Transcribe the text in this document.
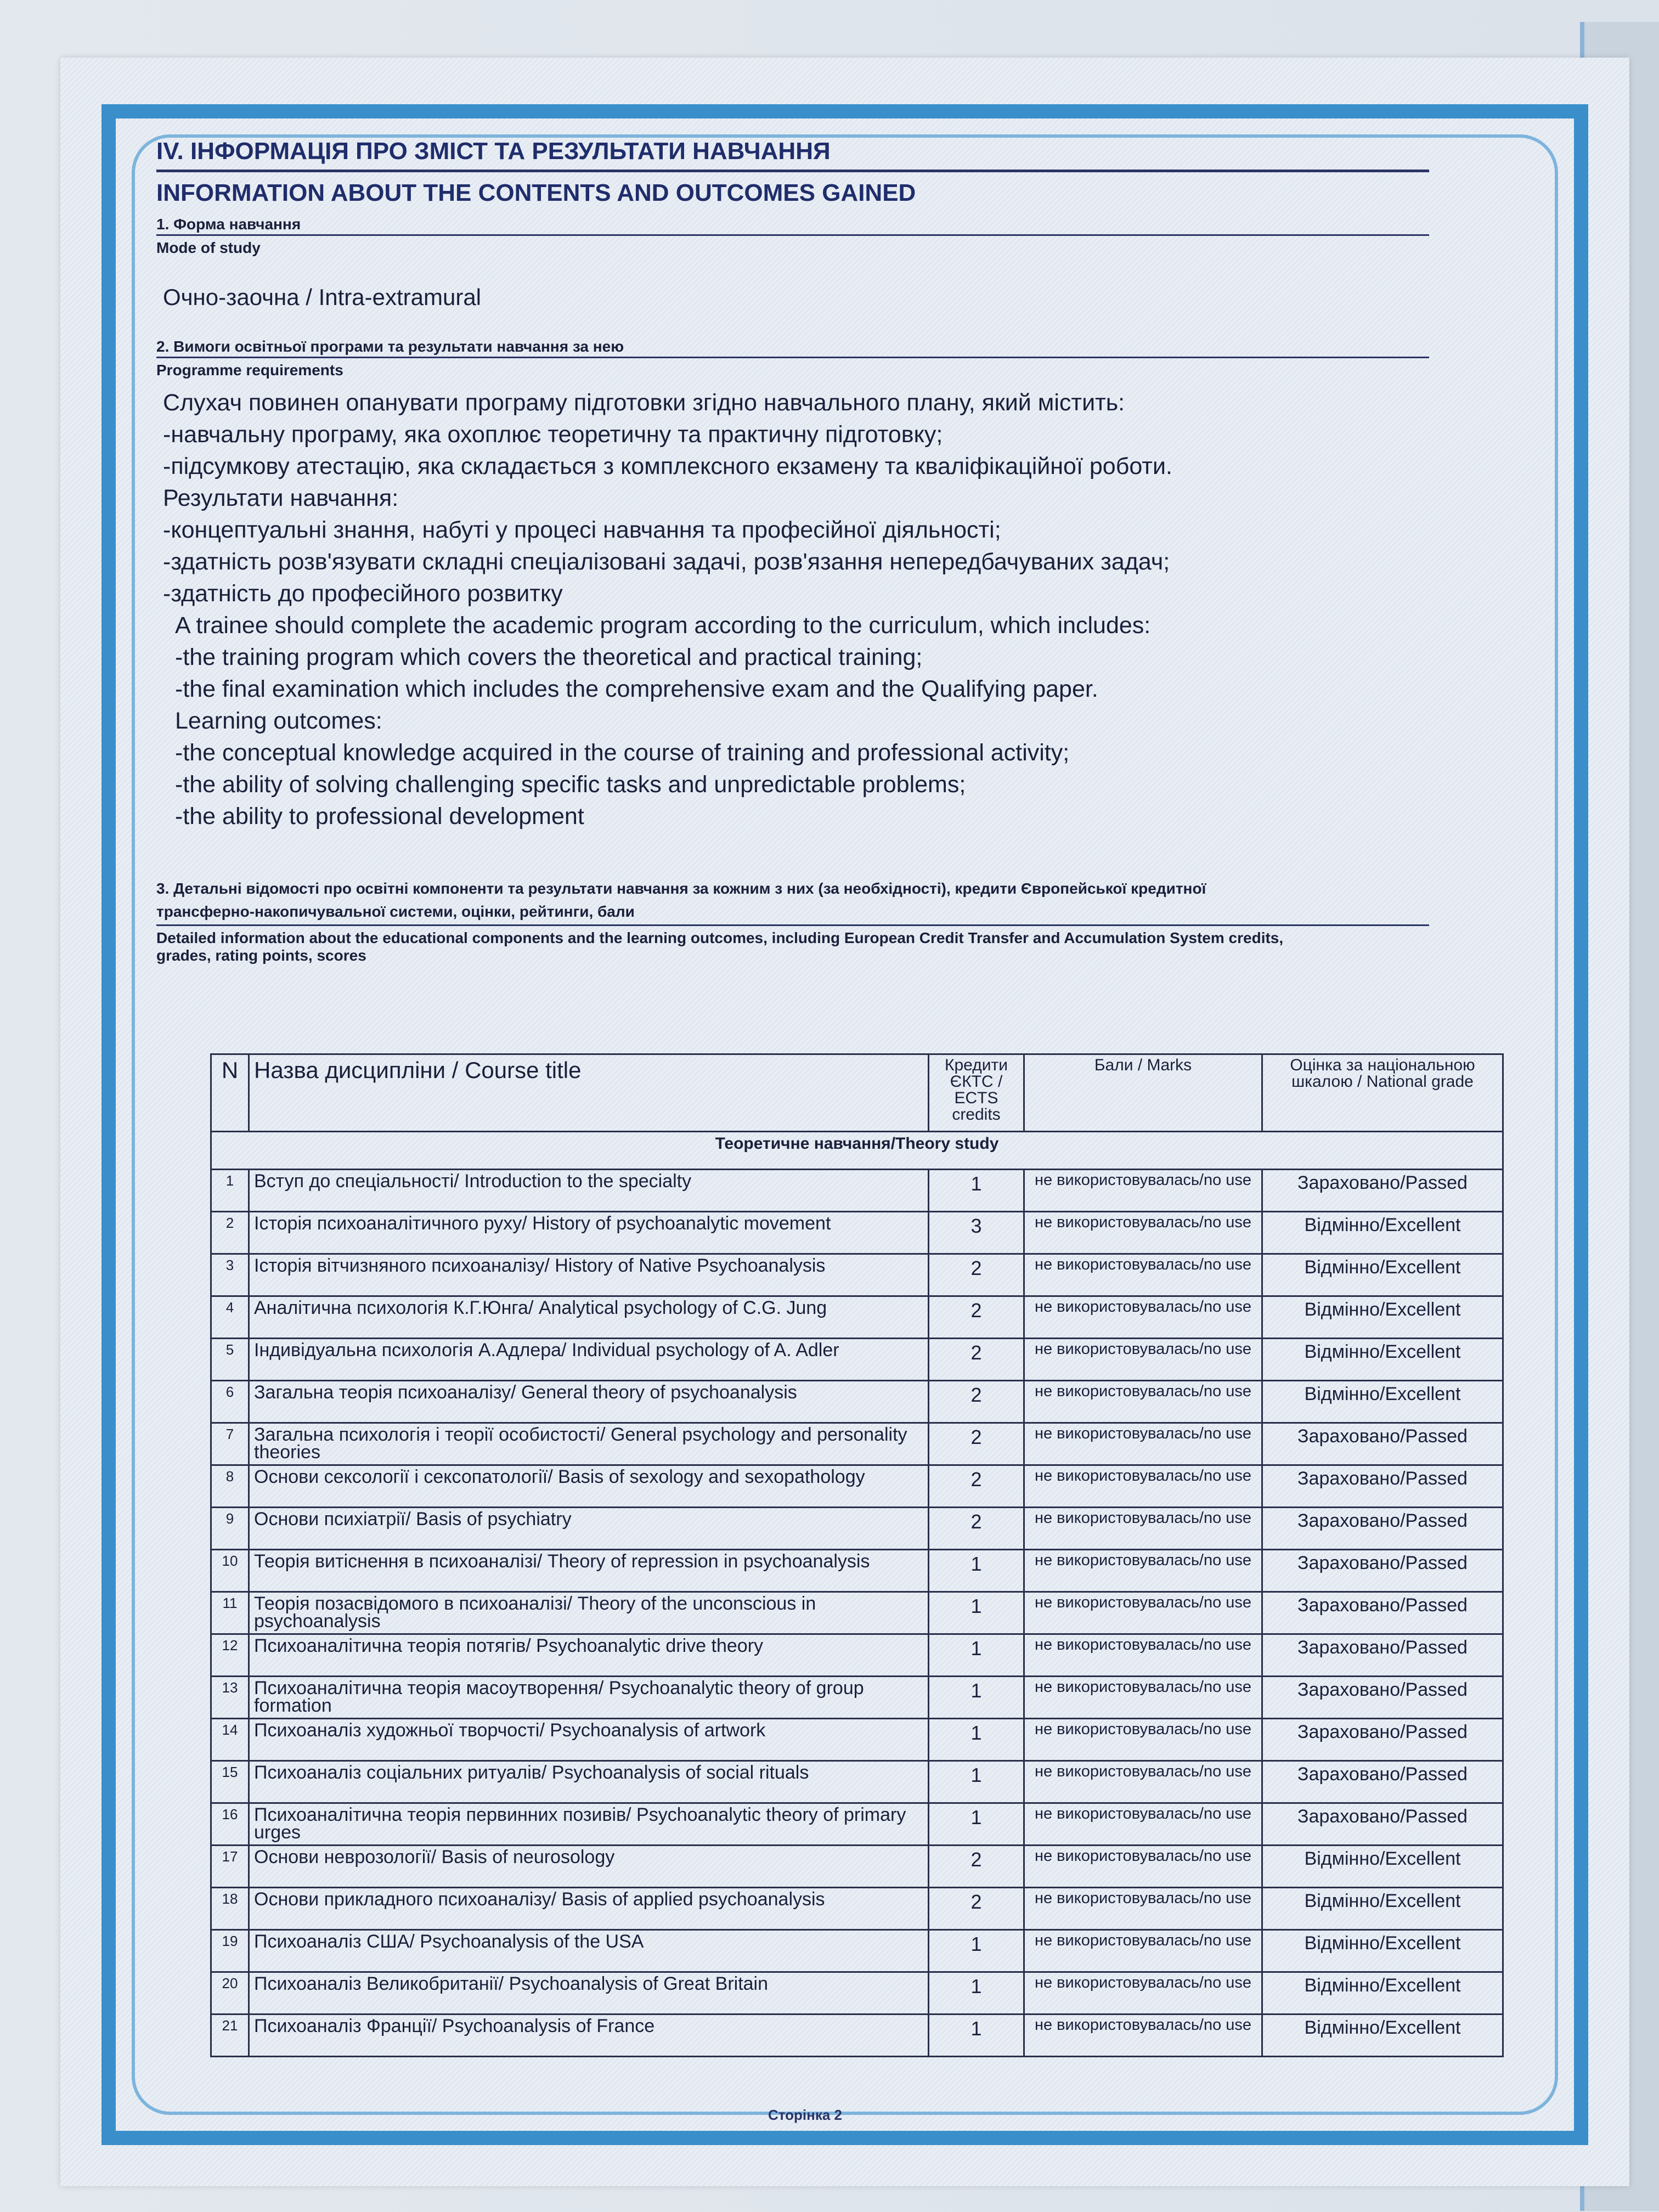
IV. ІНФОРМАЦІЯ ПРО ЗМІСТ ТА РЕЗУЛЬТАТИ НАВЧАННЯ
INFORMATION ABOUT THE CONTENTS AND OUTCOMES GAINED
1. Форма навчання
Mode of study
Очно-заочна / Intra-extramural
2. Вимоги освітньої програми та результати навчання за нею
Programme requirements
Слухач повинен опанувати програму підготовки згідно навчального плану, який містить:
-навчальну програму, яка охоплює теоретичну та практичну підготовку;
-підсумкову атестацію, яка складається з комплексного екзамену та кваліфікаційної роботи.
Результати навчання:
-концептуальні знання, набуті у процесі навчання та професійної діяльності;
-здатність розв'язувати складні спеціалізовані задачі, розв'язання непередбачуваних задач;
-здатність до професійного розвитку
A trainee should complete the academic program according to the curriculum, which includes:
-the training program which covers the theoretical and practical training;
-the final examination which includes the comprehensive exam and the Qualifying paper.
Learning outcomes:
-the conceptual knowledge acquired in the course of training and professional activity;
-the ability of solving challenging specific tasks and unpredictable problems;
-the ability to professional development
3. Детальні відомості про освітні компоненти та результати навчання за кожним з них (за необхідності), кредити Європейської кредитної
трансферно-накопичувальної системи, оцінки, рейтинги, бали
Detailed information about the educational components and the learning outcomes, including European Credit Transfer and Accumulation System credits,
grades, rating points, scores
N	Назва дисципліни / Course title	Кредити ЄКТС / ECTS credits	Бали / Marks	Оцінка за національною шкалою / National grade
Теоретичне навчання/Theory study				
1	Вступ до спеціальності/ Introduction to the specialty	1	не використовувалась/no use	Зараховано/Passed
2	Історія психоаналітичного руху/ History of psychoanalytic movement	3	не використовувалась/no use	Відмінно/Excellent
3	Історія вітчизняного психоаналізу/ History of Native Psychoanalysis	2	не використовувалась/no use	Відмінно/Excellent
4	Аналітична психологія К.Г.Юнга/ Analytical psychology of C.G. Jung	2	не використовувалась/no use	Відмінно/Excellent
5	Індивідуальна психологія А.Адлера/ Individual psychology of A. Adler	2	не використовувалась/no use	Відмінно/Excellent
6	Загальна теорія психоаналізу/ General theory of psychoanalysis	2	не використовувалась/no use	Відмінно/Excellent
7	Загальна психологія і теорії особистості/ General psychology and personality theories	2	не використовувалась/no use	Зараховано/Passed
8	Основи сексології і сексопатології/ Basis of sexology and sexopathology	2	не використовувалась/no use	Зараховано/Passed
9	Основи психіатрії/ Basis of psychiatry	2	не використовувалась/no use	Зараховано/Passed
10	Теорія витіснення в психоаналізі/ Theory of repression in psychoanalysis	1	не використовувалась/no use	Зараховано/Passed
11	Теорія позасвідомого в психоаналізі/ Theory of the unconscious in psychoanalysis	1	не використовувалась/no use	Зараховано/Passed
12	Психоаналітична теорія потягів/ Psychoanalytic drive theory	1	не використовувалась/no use	Зараховано/Passed
13	Психоаналітична теорія масоутворення/ Psychoanalytic theory of group formation	1	не використовувалась/no use	Зараховано/Passed
14	Психоаналіз художньої творчості/ Psychoanalysis of artwork	1	не використовувалась/no use	Зараховано/Passed
15	Психоаналіз соціальних ритуалів/ Psychoanalysis of social rituals	1	не використовувалась/no use	Зараховано/Passed
16	Психоаналітична теорія первинних позивів/ Psychoanalytic theory of primary urges	1	не використовувалась/no use	Зараховано/Passed
17	Основи неврозології/ Basis of neurosology	2	не використовувалась/no use	Відмінно/Excellent
18	Основи прикладного психоаналізу/ Basis of applied psychoanalysis	2	не використовувалась/no use	Відмінно/Excellent
19	Психоаналіз США/ Psychoanalysis of the USA	1	не використовувалась/no use	Відмінно/Excellent
20	Психоаналіз Великобританії/ Psychoanalysis of Great Britain	1	не використовувалась/no use	Відмінно/Excellent
21	Психоаналіз Франції/ Psychoanalysis of France	1	не використовувалась/no use	Відмінно/Excellent
Сторінка 2
